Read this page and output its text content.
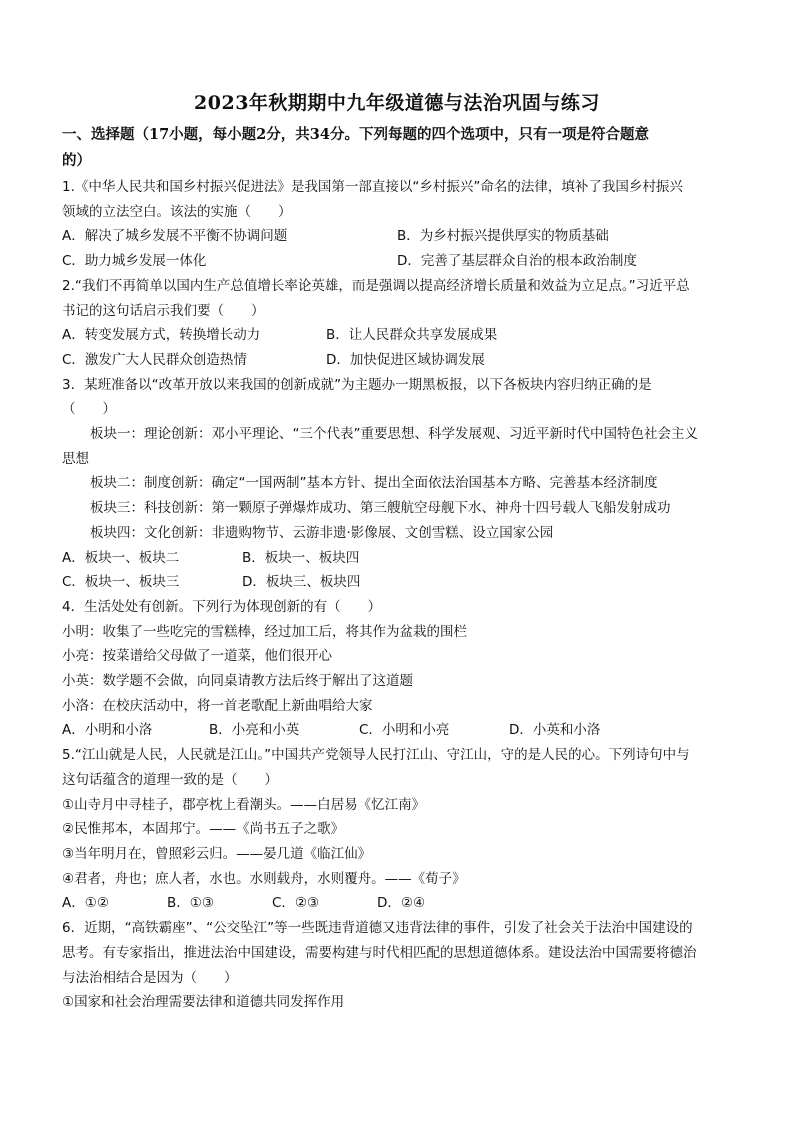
2023年秋期期中九年级道德与法治巩固与练习
一、选择题（17小题，每小题2分，共34分。下列每题的四个选项中，只有一项是符合题意
的）
1.《中华人民共和国乡村振兴促进法》是我国第一部直接以“乡村振兴”命名的法律，填补了我国乡村振兴
领域的立法空白。该法的实施（　　）
A．解决了城乡发展不平衡不协调问题	B．为乡村振兴提供厚实的物质基础
C．助力城乡发展一体化	D．完善了基层群众自治的根本政治制度
2.“我们不再简单以国内生产总值增长率论英雄，而是强调以提高经济增长质量和效益为立足点。”习近平总
书记的这句话启示我们要（　　）
A．转变发展方式，转换增长动力	B．让人民群众共享发展成果
C．激发广大人民群众创造热情	D．加快促进区域协调发展
3．某班准备以“改革开放以来我国的创新成就”为主题办一期黑板报，以下各板块内容归纳正确的是
（　　）
板块一：理论创新：邓小平理论、“三个代表”重要思想、科学发展观、习近平新时代中国特色社会主义
思想
板块二：制度创新：确定“一国两制”基本方针、提出全面依法治国基本方略、完善基本经济制度
板块三：科技创新：第一颗原子弹爆炸成功、第三艘航空母舰下水、神舟十四号载人飞船发射成功
板块四：文化创新：非遗购物节、云游非遗·影像展、文创雪糕、设立国家公园
A．板块一、板块二	B．板块一、板块四
C．板块一、板块三	D．板块三、板块四
4．生活处处有创新。下列行为体现创新的有（　　）
小明：收集了一些吃完的雪糕棒，经过加工后，将其作为盆栽的围栏
小亮：按菜谱给父母做了一道菜，他们很开心
小英：数学题不会做，向同桌请教方法后终于解出了这道题
小洛：在校庆活动中，将一首老歌配上新曲唱给大家
A．小明和小洛	B．小亮和小英	C．小明和小亮	D．小英和小洛
5.“江山就是人民，人民就是江山。”中国共产党领导人民打江山、守江山，守的是人民的心。下列诗句中与
这句话蕴含的道理一致的是（　　）
①山寺月中寻桂子，郡亭枕上看潮头。——白居易《忆江南》
②民惟邦本，本固邦宁。——《尚书五子之歌》
③当年明月在，曾照彩云归。——晏几道《临江仙》
④君者，舟也；庶人者，水也。水则载舟，水则覆舟。——《荀子》
A．①②	B．①③	C．②③	D．②④
6．近期，“高铁霸座”、“公交坠江”等一些既违背道德又违背法律的事件，引发了社会关于法治中国建设的
思考。有专家指出，推进法治中国建设，需要构建与时代相匹配的思想道德体系。建设法治中国需要将德治
与法治相结合是因为（　　）
①国家和社会治理需要法律和道德共同发挥作用
